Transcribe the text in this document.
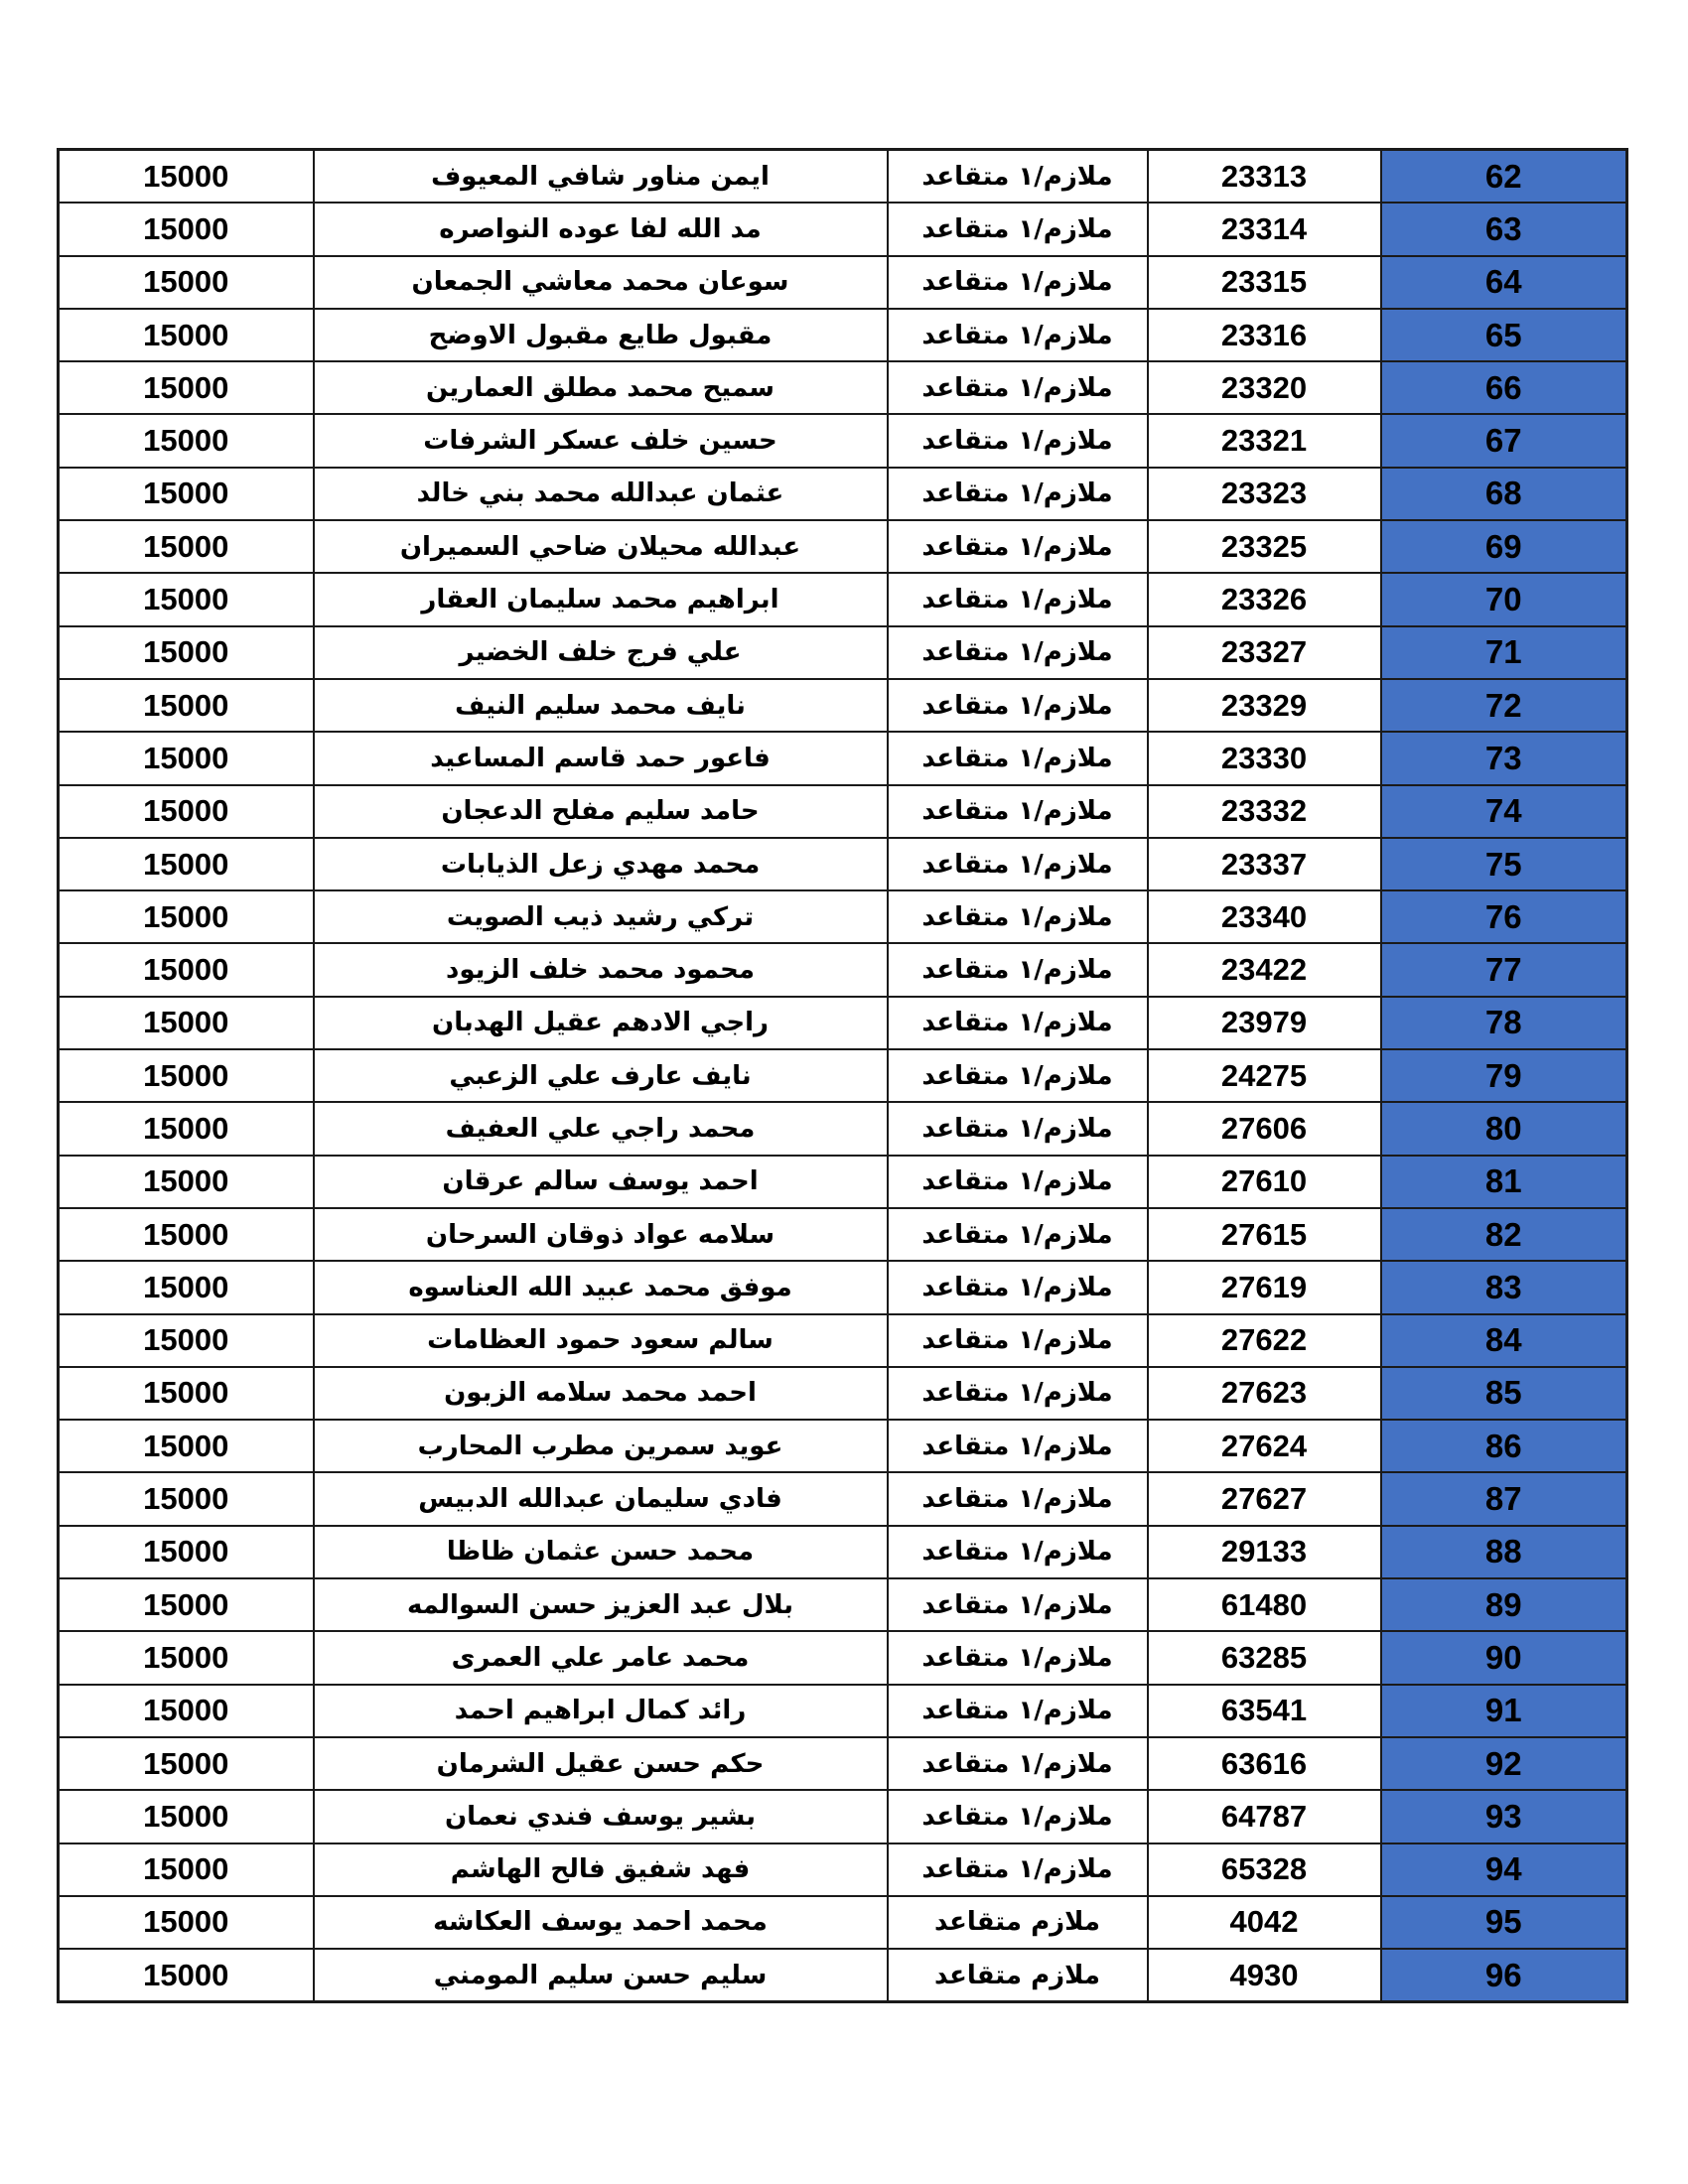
15000	ايمن مناور شافي المعيوف	ملازم/١ متقاعد	23313	62
15000	مد الله لفا عوده النواصره	ملازم/١ متقاعد	23314	63
15000	سوعان محمد معاشي الجمعان	ملازم/١ متقاعد	23315	64
15000	مقبول طايع مقبول الاوضح	ملازم/١ متقاعد	23316	65
15000	سميح محمد مطلق العمارين	ملازم/١ متقاعد	23320	66
15000	حسين خلف عسكر الشرفات	ملازم/١ متقاعد	23321	67
15000	عثمان عبدالله محمد بني خالد	ملازم/١ متقاعد	23323	68
15000	عبدالله محيلان ضاحي السميران	ملازم/١ متقاعد	23325	69
15000	ابراهيم محمد سليمان العقار	ملازم/١ متقاعد	23326	70
15000	علي فرج خلف الخضير	ملازم/١ متقاعد	23327	71
15000	نايف محمد سليم النيف	ملازم/١ متقاعد	23329	72
15000	فاعور حمد قاسم المساعيد	ملازم/١ متقاعد	23330	73
15000	حامد سليم مفلح الدعجان	ملازم/١ متقاعد	23332	74
15000	محمد مهدي زعل الذيابات	ملازم/١ متقاعد	23337	75
15000	تركي رشيد ذيب الصويت	ملازم/١ متقاعد	23340	76
15000	محمود محمد خلف الزيود	ملازم/١ متقاعد	23422	77
15000	راجي الادهم عقيل الهدبان	ملازم/١ متقاعد	23979	78
15000	نايف عارف علي الزعبي	ملازم/١ متقاعد	24275	79
15000	محمد راجي علي العفيف	ملازم/١ متقاعد	27606	80
15000	احمد يوسف سالم عرقان	ملازم/١ متقاعد	27610	81
15000	سلامه عواد ذوقان السرحان	ملازم/١ متقاعد	27615	82
15000	موفق محمد عبيد الله العناسوه	ملازم/١ متقاعد	27619	83
15000	سالم سعود حمود العظامات	ملازم/١ متقاعد	27622	84
15000	احمد محمد سلامه الزبون	ملازم/١ متقاعد	27623	85
15000	عويد سمرين مطرب المحارب	ملازم/١ متقاعد	27624	86
15000	فادي سليمان عبدالله الدبيس	ملازم/١ متقاعد	27627	87
15000	محمد حسن عثمان ظاظا	ملازم/١ متقاعد	29133	88
15000	بلال عبد العزيز حسن السوالمه	ملازم/١ متقاعد	61480	89
15000	محمد عامر علي العمرى	ملازم/١ متقاعد	63285	90
15000	رائد كمال ابراهيم احمد	ملازم/١ متقاعد	63541	91
15000	حكم حسن عقيل الشرمان	ملازم/١ متقاعد	63616	92
15000	بشير يوسف فندي نعمان	ملازم/١ متقاعد	64787	93
15000	فهد شفيق فالح الهاشم	ملازم/١ متقاعد	65328	94
15000	محمد احمد يوسف العكاشه	ملازم متقاعد	4042	95
15000	سليم حسن سليم المومني	ملازم متقاعد	4930	96
